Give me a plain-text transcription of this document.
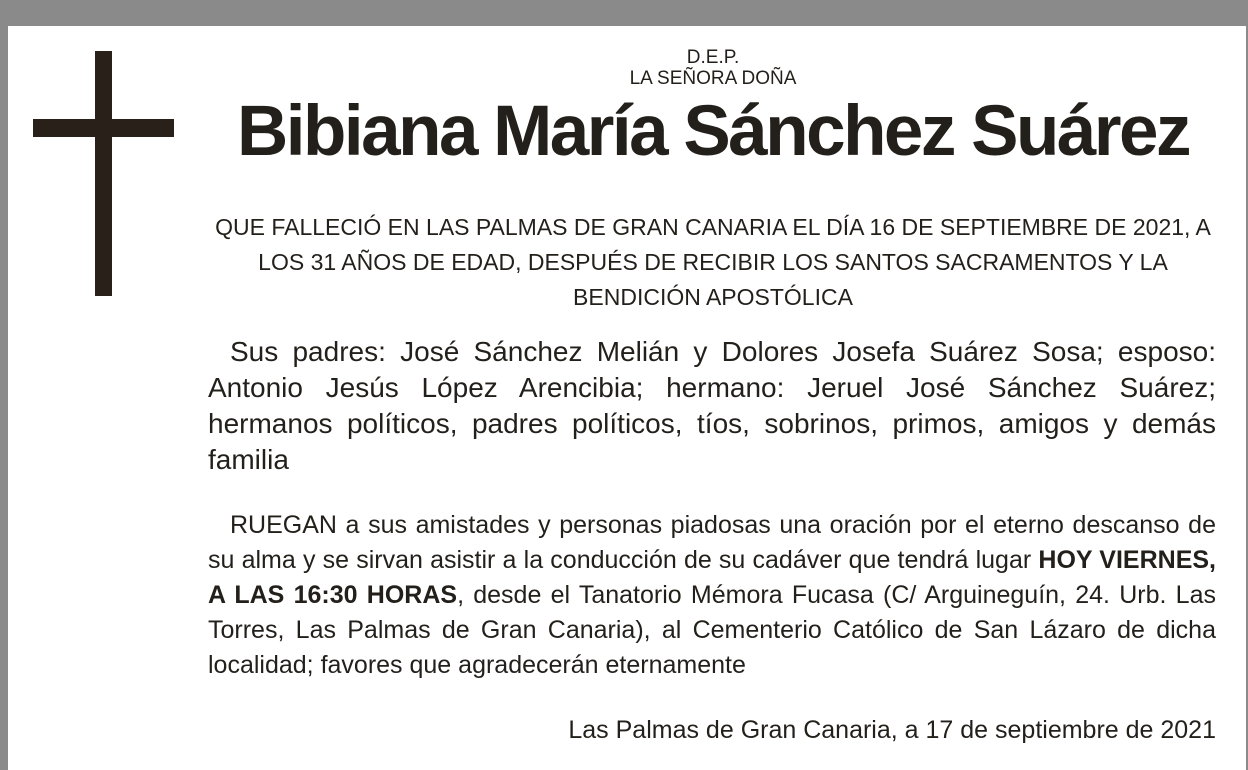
D.E.P.

LA SEÑORA DOÑA

Bibiana María Sánchez Suárez

QUE FALLECIÓ EN LAS PALMAS DE GRAN CANARIA EL DÍA 16 DE SEPTIEMBRE DE 2021, A LOS 31 AÑOS DE EDAD, DESPUÉS DE RECIBIR LOS SANTOS SACRAMENTOS Y LA BENDICIÓN APOSTÓLICA

Sus padres: José Sánchez Melián y Dolores Josefa Suárez Sosa; esposo: Antonio Jesús López Arencibia; hermano: Jeruel José Sánchez Suárez; hermanos políticos, padres políticos, tíos, sobrinos, primos, amigos y demás familia

RUEGAN a sus amistades y personas piadosas una oración por el eterno descanso de su alma y se sirvan asistir a la conducción de su cadáver que tendrá lugar HOY VIERNES, A LAS 16:30 HORAS, desde el Tanatorio Mémora Fucasa (C/ Arguineguín, 24. Urb. Las Torres, Las Palmas de Gran Canaria), al Cementerio Católico de San Lázaro de dicha localidad; favores que agradecerán eternamente

Las Palmas de Gran Canaria, a 17 de septiembre de 2021
